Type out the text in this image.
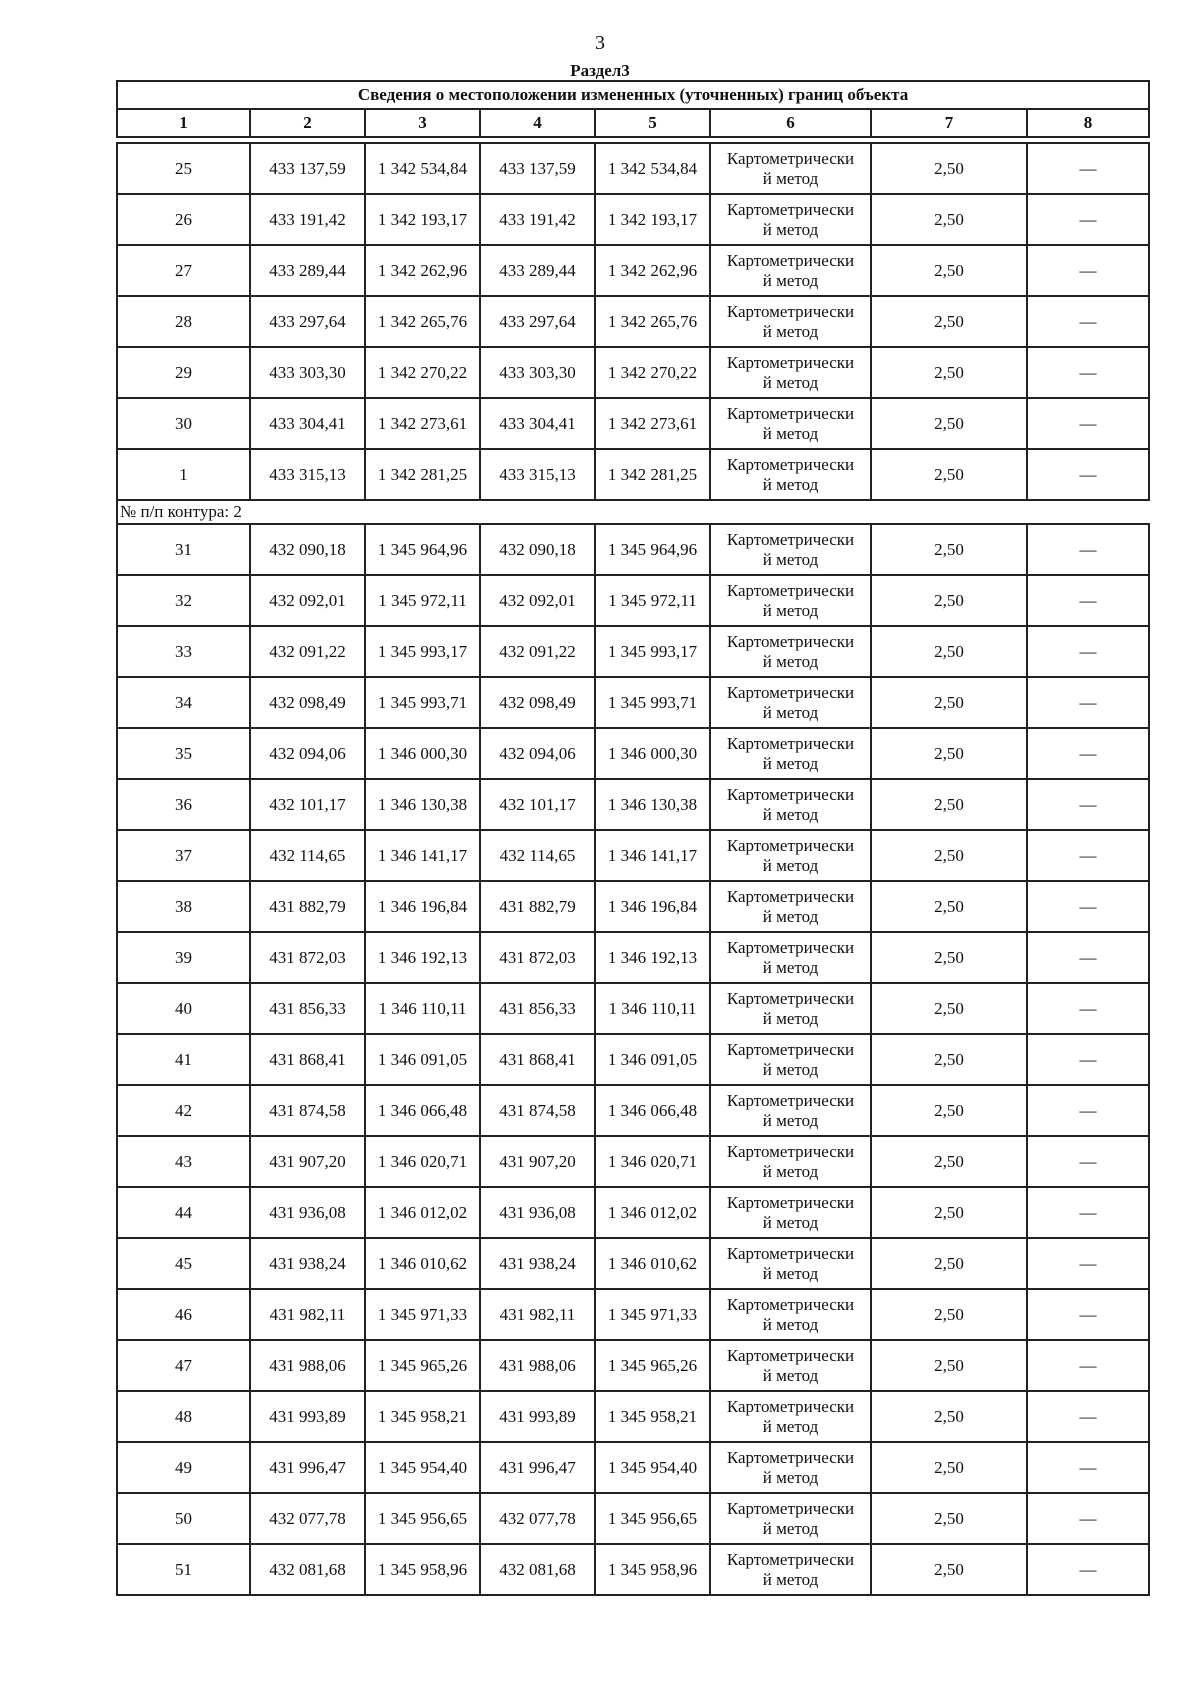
3
Раздел3
Сведения о местоположении измененных (уточненных) границ объекта							
1	2	3	4	5	6	7	8

25	433 137,59	1 342 534,84	433 137,59	1 342 534,84	Картометрически
й метод	2,50	—
26	433 191,42	1 342 193,17	433 191,42	1 342 193,17	Картометрически
й метод	2,50	—
27	433 289,44	1 342 262,96	433 289,44	1 342 262,96	Картометрически
й метод	2,50	—
28	433 297,64	1 342 265,76	433 297,64	1 342 265,76	Картометрически
й метод	2,50	—
29	433 303,30	1 342 270,22	433 303,30	1 342 270,22	Картометрически
й метод	2,50	—
30	433 304,41	1 342 273,61	433 304,41	1 342 273,61	Картометрически
й метод	2,50	—
1	433 315,13	1 342 281,25	433 315,13	1 342 281,25	Картометрически
й метод	2,50	—
№ п/п контура: 2							
31	432 090,18	1 345 964,96	432 090,18	1 345 964,96	Картометрически
й метод	2,50	—
32	432 092,01	1 345 972,11	432 092,01	1 345 972,11	Картометрически
й метод	2,50	—
33	432 091,22	1 345 993,17	432 091,22	1 345 993,17	Картометрически
й метод	2,50	—
34	432 098,49	1 345 993,71	432 098,49	1 345 993,71	Картометрически
й метод	2,50	—
35	432 094,06	1 346 000,30	432 094,06	1 346 000,30	Картометрически
й метод	2,50	—
36	432 101,17	1 346 130,38	432 101,17	1 346 130,38	Картометрически
й метод	2,50	—
37	432 114,65	1 346 141,17	432 114,65	1 346 141,17	Картометрически
й метод	2,50	—
38	431 882,79	1 346 196,84	431 882,79	1 346 196,84	Картометрически
й метод	2,50	—
39	431 872,03	1 346 192,13	431 872,03	1 346 192,13	Картометрически
й метод	2,50	—
40	431 856,33	1 346 110,11	431 856,33	1 346 110,11	Картометрически
й метод	2,50	—
41	431 868,41	1 346 091,05	431 868,41	1 346 091,05	Картометрически
й метод	2,50	—
42	431 874,58	1 346 066,48	431 874,58	1 346 066,48	Картометрически
й метод	2,50	—
43	431 907,20	1 346 020,71	431 907,20	1 346 020,71	Картометрически
й метод	2,50	—
44	431 936,08	1 346 012,02	431 936,08	1 346 012,02	Картометрически
й метод	2,50	—
45	431 938,24	1 346 010,62	431 938,24	1 346 010,62	Картометрически
й метод	2,50	—
46	431 982,11	1 345 971,33	431 982,11	1 345 971,33	Картометрически
й метод	2,50	—
47	431 988,06	1 345 965,26	431 988,06	1 345 965,26	Картометрически
й метод	2,50	—
48	431 993,89	1 345 958,21	431 993,89	1 345 958,21	Картометрически
й метод	2,50	—
49	431 996,47	1 345 954,40	431 996,47	1 345 954,40	Картометрически
й метод	2,50	—
50	432 077,78	1 345 956,65	432 077,78	1 345 956,65	Картометрически
й метод	2,50	—
51	432 081,68	1 345 958,96	432 081,68	1 345 958,96	Картометрически
й метод	2,50	—
